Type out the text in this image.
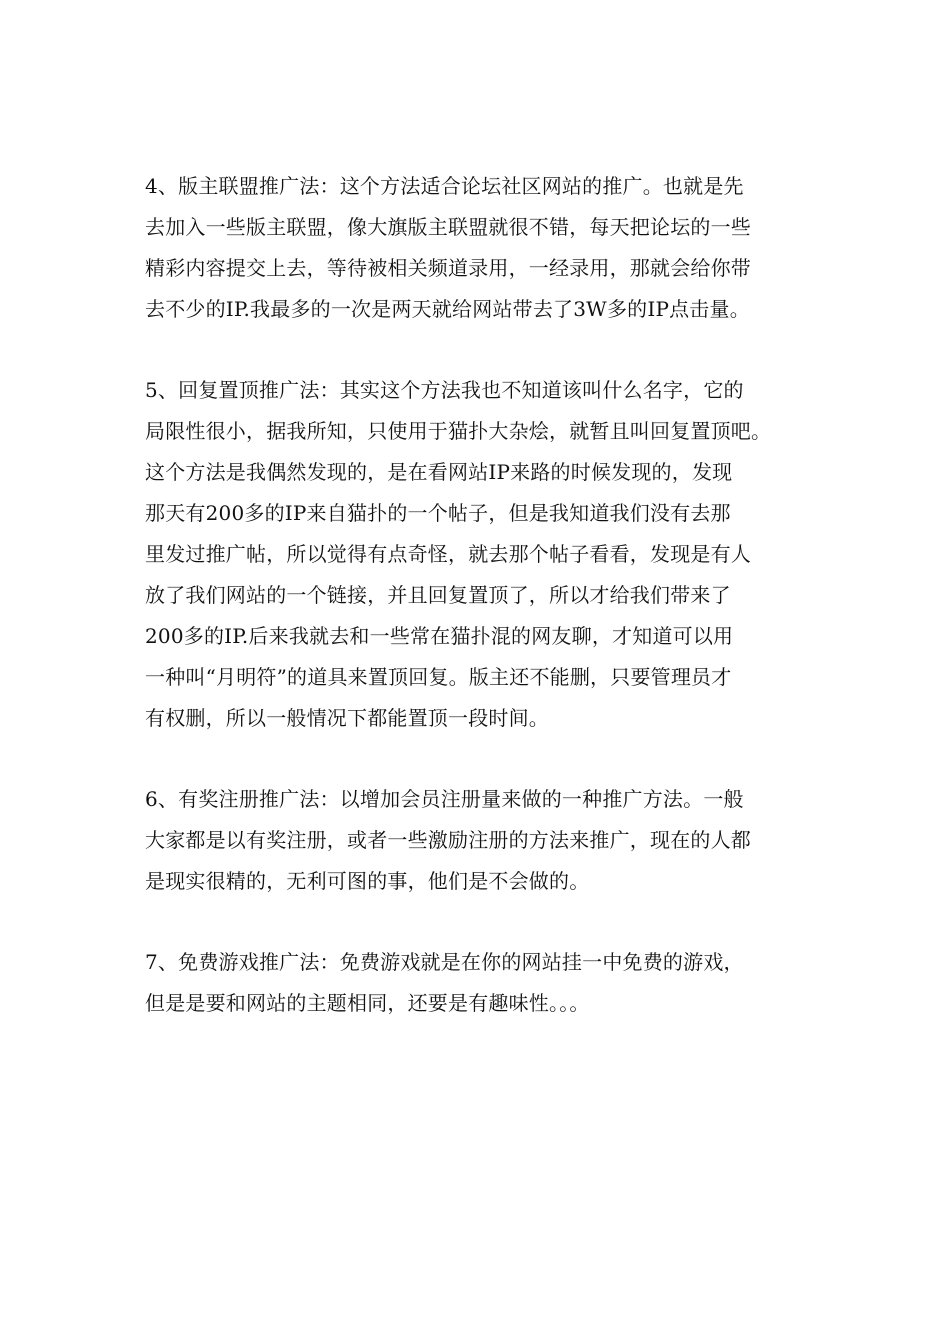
4、版主联盟推广法：这个方法适合论坛社区网站的推广。也就是先
去加入一些版主联盟，像大旗版主联盟就很不错，每天把论坛的一些
精彩内容提交上去，等待被相关频道录用，一经录用，那就会给你带
去不少的IP.我最多的一次是两天就给网站带去了3W多的IP点击量。
5、回复置顶推广法：其实这个方法我也不知道该叫什么名字，它的
局限性很小，据我所知，只使用于猫扑大杂烩，就暂且叫回复置顶吧。
这个方法是我偶然发现的，是在看网站IP来路的时候发现的，发现
那天有200多的IP来自猫扑的一个帖子，但是我知道我们没有去那
里发过推广帖，所以觉得有点奇怪，就去那个帖子看看，发现是有人
放了我们网站的一个链接，并且回复置顶了，所以才给我们带来了
200多的IP.后来我就去和一些常在猫扑混的网友聊，才知道可以用
一种叫“月明符”的道具来置顶回复。版主还不能删，只要管理员才
有权删，所以一般情况下都能置顶一段时间。
6、有奖注册推广法：以增加会员注册量来做的一种推广方法。一般
大家都是以有奖注册，或者一些激励注册的方法来推广，现在的人都
是现实很精的，无利可图的事，他们是不会做的。
7、免费游戏推广法：免费游戏就是在你的网站挂一中免费的游戏，
但是是要和网站的主题相同，还要是有趣味性。。。
